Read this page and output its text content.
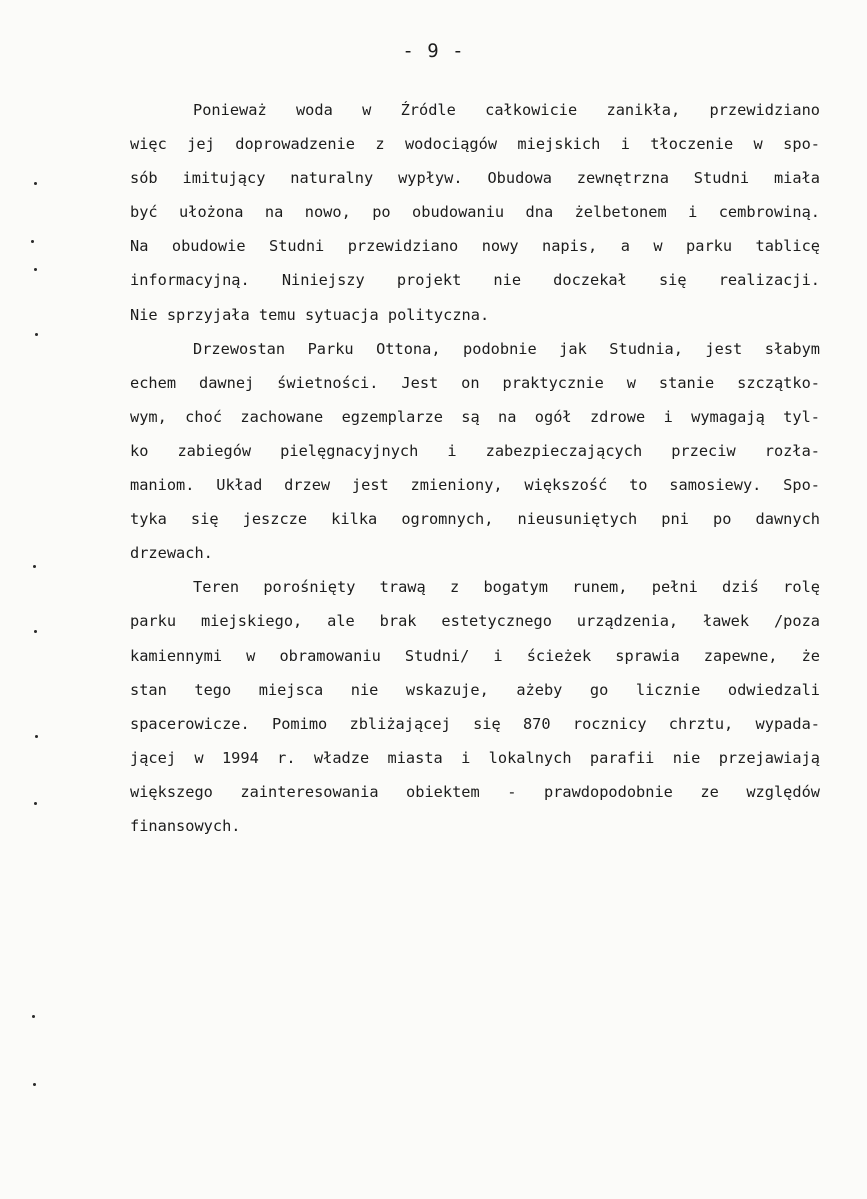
- 9 -
Ponieważ woda w Źródle całkowicie zanikła, przewidziano
więc jej doprowadzenie z wodociągów miejskich i tłoczenie w spo-
sób imitujący naturalny wypływ. Obudowa zewnętrzna Studni miała
być ułożona na nowo, po obudowaniu dna żelbetonem i cembrowiną.
Na obudowie Studni przewidziano nowy napis, a w parku tablicę
informacyjną. Niniejszy projekt nie doczekał się realizacji.
Nie sprzyjała temu sytuacja polityczna.
Drzewostan Parku Ottona, podobnie jak Studnia, jest słabym
echem dawnej świetności. Jest on praktycznie w stanie szczątko-
wym, choć zachowane egzemplarze są na ogół zdrowe i wymagają tyl-
ko zabiegów pielęgnacyjnych i zabezpieczających przeciw rozła-
maniom. Układ drzew jest zmieniony, większość to samosiewy. Spo-
tyka się jeszcze kilka ogromnych, nieusuniętych pni po dawnych
drzewach.
Teren porośnięty trawą z bogatym runem, pełni dziś rolę
parku miejskiego, ale brak estetycznego urządzenia, ławek /poza
kamiennymi w obramowaniu Studni/ i ścieżek sprawia zapewne, że
stan tego miejsca nie wskazuje, ażeby go licznie odwiedzali
spacerowicze. Pomimo zbliżającej się 870 rocznicy chrztu, wypada-
jącej w 1994 r. władze miasta i lokalnych parafii nie przejawiają
większego zainteresowania obiektem - prawdopodobnie ze względów
finansowych.
